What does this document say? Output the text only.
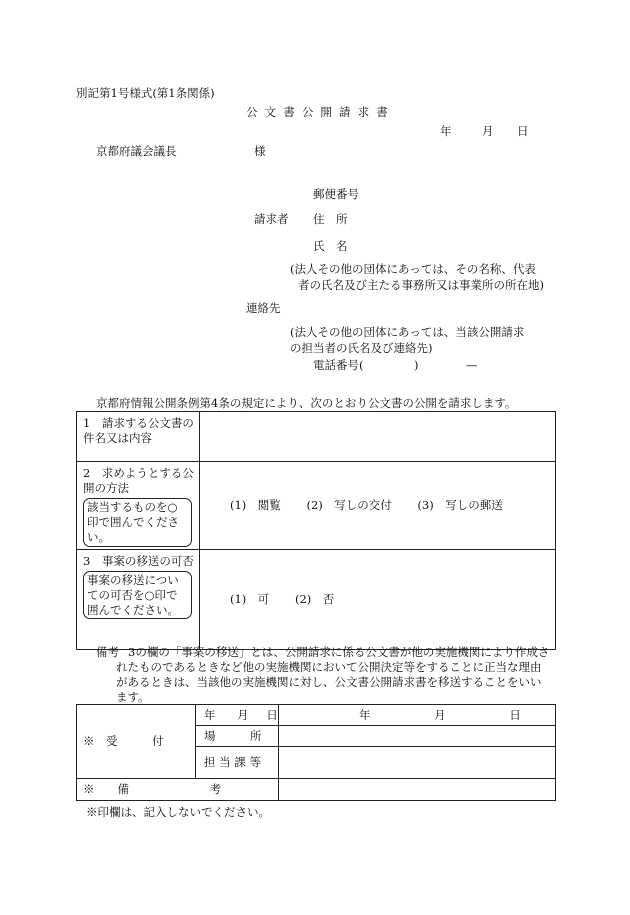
別記第1号様式(第1条関係)
公 文 書 公 開 請 求 書
年	月 日
京都府議会議長	様
郵便番号
請求者 住　所
氏　名
(法人その他の団体にあっては、その名称、代表
者の氏名及び主たる事務所又は事業所の所在地)
連絡先
(法人その他の団体にあっては、当該公開請求
の担当者の氏名及び連絡先)
電話番号(	)	—
京都府情報公開条例第4条の規定により、次のとおり公文書の公開を請求します。
1　請求する公文書の件名又は内容	

2　求めようとする公開の方法
該当するものを○印で囲んでください。	(1)　閲覧 (2)　写しの交付 (3)　写しの郵送

3　事案の移送の可否
事案の移送についての可否を○印で囲んでください。	(1)　可 (2)　否
備考 3の欄の「事案の移送」とは、公開請求に係る公文書が他の実施機関により作成さ
れたものであるときなど他の実施機関において公開決定等をすることに正当な理由
があるときは、当該他の実施機関に対し、公文書公開請求書を移送することをいい
ます。
※　受　　　付	年 月 日	年 月 日
	場　　　所	
	担 当 課 等	
※　　備　　　　　　　考		
※印欄は、記入しないでください。
